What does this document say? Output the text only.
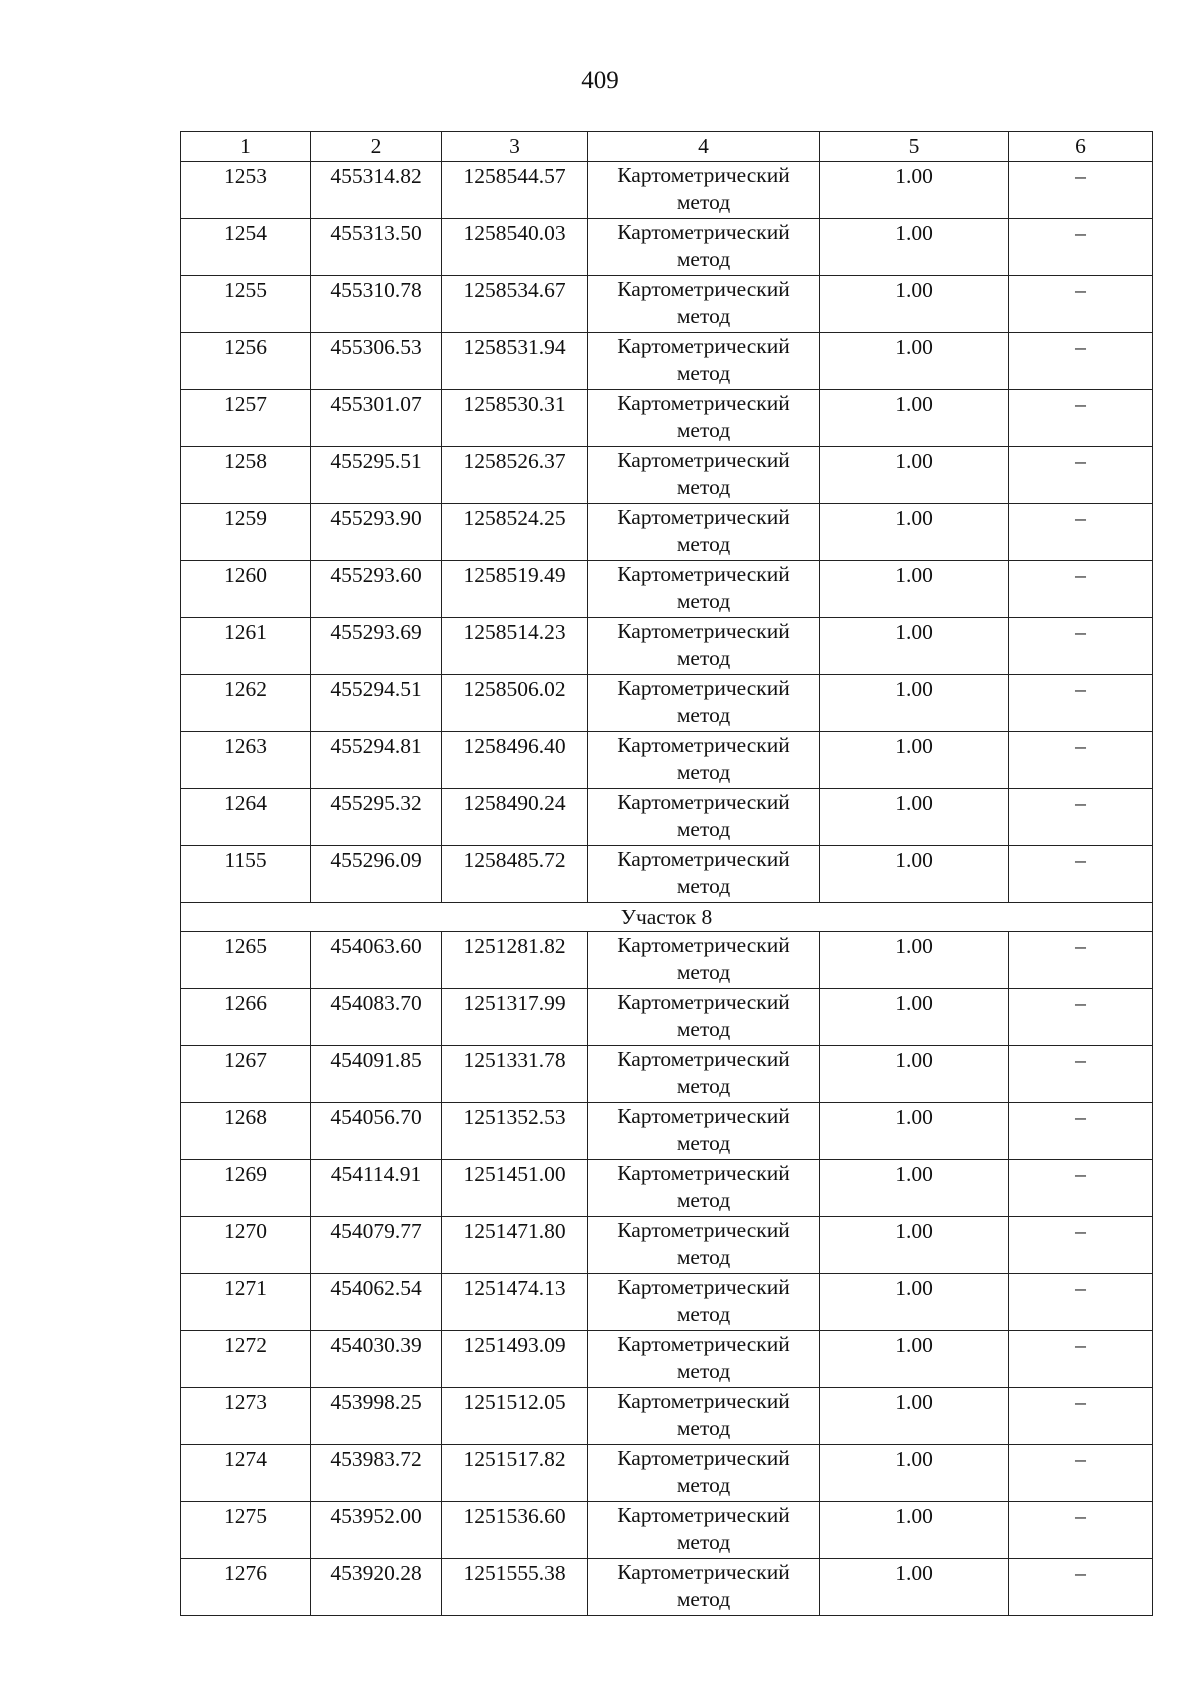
409
1	2	3	4	5	6
1253	455314.82	1258544.57	Картометрический метод	1.00	–
1254	455313.50	1258540.03	Картометрический метод	1.00	–
1255	455310.78	1258534.67	Картометрический метод	1.00	–
1256	455306.53	1258531.94	Картометрический метод	1.00	–
1257	455301.07	1258530.31	Картометрический метод	1.00	–
1258	455295.51	1258526.37	Картометрический метод	1.00	–
1259	455293.90	1258524.25	Картометрический метод	1.00	–
1260	455293.60	1258519.49	Картометрический метод	1.00	–
1261	455293.69	1258514.23	Картометрический метод	1.00	–
1262	455294.51	1258506.02	Картометрический метод	1.00	–
1263	455294.81	1258496.40	Картометрический метод	1.00	–
1264	455295.32	1258490.24	Картометрический метод	1.00	–
1155	455296.09	1258485.72	Картометрический метод	1.00	–
Участок 8					
1265	454063.60	1251281.82	Картометрический метод	1.00	–
1266	454083.70	1251317.99	Картометрический метод	1.00	–
1267	454091.85	1251331.78	Картометрический метод	1.00	–
1268	454056.70	1251352.53	Картометрический метод	1.00	–
1269	454114.91	1251451.00	Картометрический метод	1.00	–
1270	454079.77	1251471.80	Картометрический метод	1.00	–
1271	454062.54	1251474.13	Картометрический метод	1.00	–
1272	454030.39	1251493.09	Картометрический метод	1.00	–
1273	453998.25	1251512.05	Картометрический метод	1.00	–
1274	453983.72	1251517.82	Картометрический метод	1.00	–
1275	453952.00	1251536.60	Картометрический метод	1.00	–
1276	453920.28	1251555.38	Картометрический метод	1.00	–
